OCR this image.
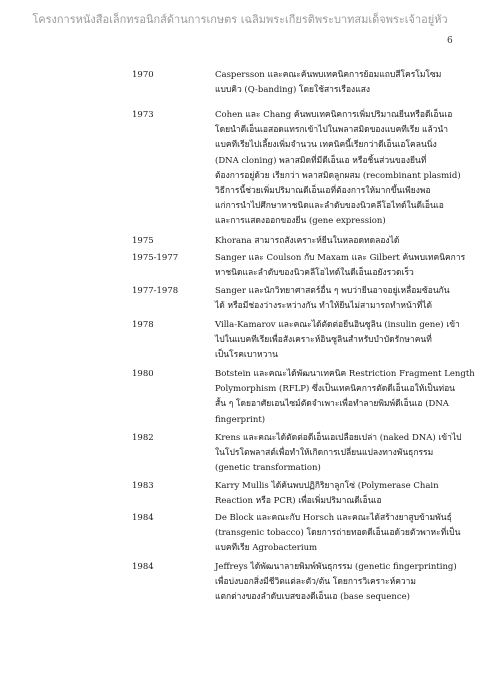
โครงการหนังสือเล็กทรอนิกส์ด้านการเกษตร เฉลิมพระเกียรติพระบาทสมเด็จพระเจ้าอยู่หัว
6
1970	Caspersson และคณะค้นพบเทคนิคการย้อมแถบสีโครโมโซม
แบบคิว (Q-banding) โดยใช้สารเรืองแสง
1973	Cohen และ Chang ค้นพบเทคนิคการเพิ่มปริมาณยีนหรือดีเอ็นเอ
โดยนำดีเอ็นเอสอดแทรกเข้าไปในพลาสมิดของแบคทีเรีย แล้วนำ
แบคทีเรียไปเลี้ยงเพิ่มจำนวน เทคนิคนี้เรียกว่าดีเอ็นเอโคลนนิ่ง
(DNA cloning) พลาสมิดที่มีดีเอ็นเอ หรือชิ้นส่วนของยีนที่
ต้องการอยู่ด้วย เรียกว่า พลาสมิดลูกผสม (recombinant plasmid)
วิธีการนี้ช่วยเพิ่มปริมาณดีเอ็นเอที่ต้องการให้มากขึ้นเพียงพอ
แก่การนำไปศึกษาหาชนิดและลำดับของนิวคลีโอไทด์ในดีเอ็นเอ
และการแสดงออกของยีน (gene expression)
1975	Khorana สามารถสังเคราะห์ยีนในหลอดทดลองได้
1975-1977	Sanger และ Coulson กับ Maxam และ Gilbert ค้นพบเทคนิคการ
หาชนิดและลำดับของนิวคลีโอไทด์ในดีเอ็นเอยังรวดเร็ว
1977-1978	Sanger และนักวิทยาศาสตร์อื่น ๆ พบว่ายีนอาจอยู่เหลื่อมซ้อนกัน
ได้ หรือมีช่องว่างระหว่างกัน ทำให้ยีนไม่สามารถทำหน้าที่ได้
1978	Villa-Kamarov และคณะได้ตัดต่อยีนอินซูลิน (insulin gene) เข้า
ไปในแบคทีเรียเพื่อสังเคราะห์อินซูลินสำหรับบำบัดรักษาคนที่
เป็นโรคเบาหวาน
1980	Botstein และคณะได้พัฒนาเทคนิค Restriction Fragment Length
Polymorphism (RFLP) ซึ่งเป็นเทคนิคการตัดดีเอ็นเอให้เป็นท่อน
สั้น ๆ โดยอาศัยเอนไซม์ตัดจำเพาะเพื่อทำลายพิมพ์ดีเอ็นเอ (DNA
fingerprint)
1982	Krens และคณะได้ตัดต่อดีเอ็นเอเปลือยเปล่า (naked DNA) เข้าไป
ในโปรโตพลาสต์เพื่อทำให้เกิดการเปลี่ยนแปลงทางพันธุกรรม
(genetic transformation)
1983	Karry Mullis ได้ค้นพบปฏิกิริยาลูกโซ่ (Polymerase Chain
Reaction หรือ PCR) เพื่อเพิ่มปริมาณดีเอ็นเอ
1984	De Block และคณะกับ Horsch และคณะได้สร้างยาสูบข้ามพันธุ์
(transgenic tobacco) โดยการถ่ายทอดดีเอ็นเอด้วยตัวพาหะที่เป็น
แบคทีเรีย Agrobacterium
1984	Jeffreys ได้พัฒนาลายพิมพ์พันธุกรรม (genetic fingerprinting)
เพื่อบ่งบอกสิ่งมีชีวิตแต่ละตัว/ต้น โดยการวิเคราะห์ความ
แตกต่างของลำดับเบสของดีเอ็นเอ (base sequence)
